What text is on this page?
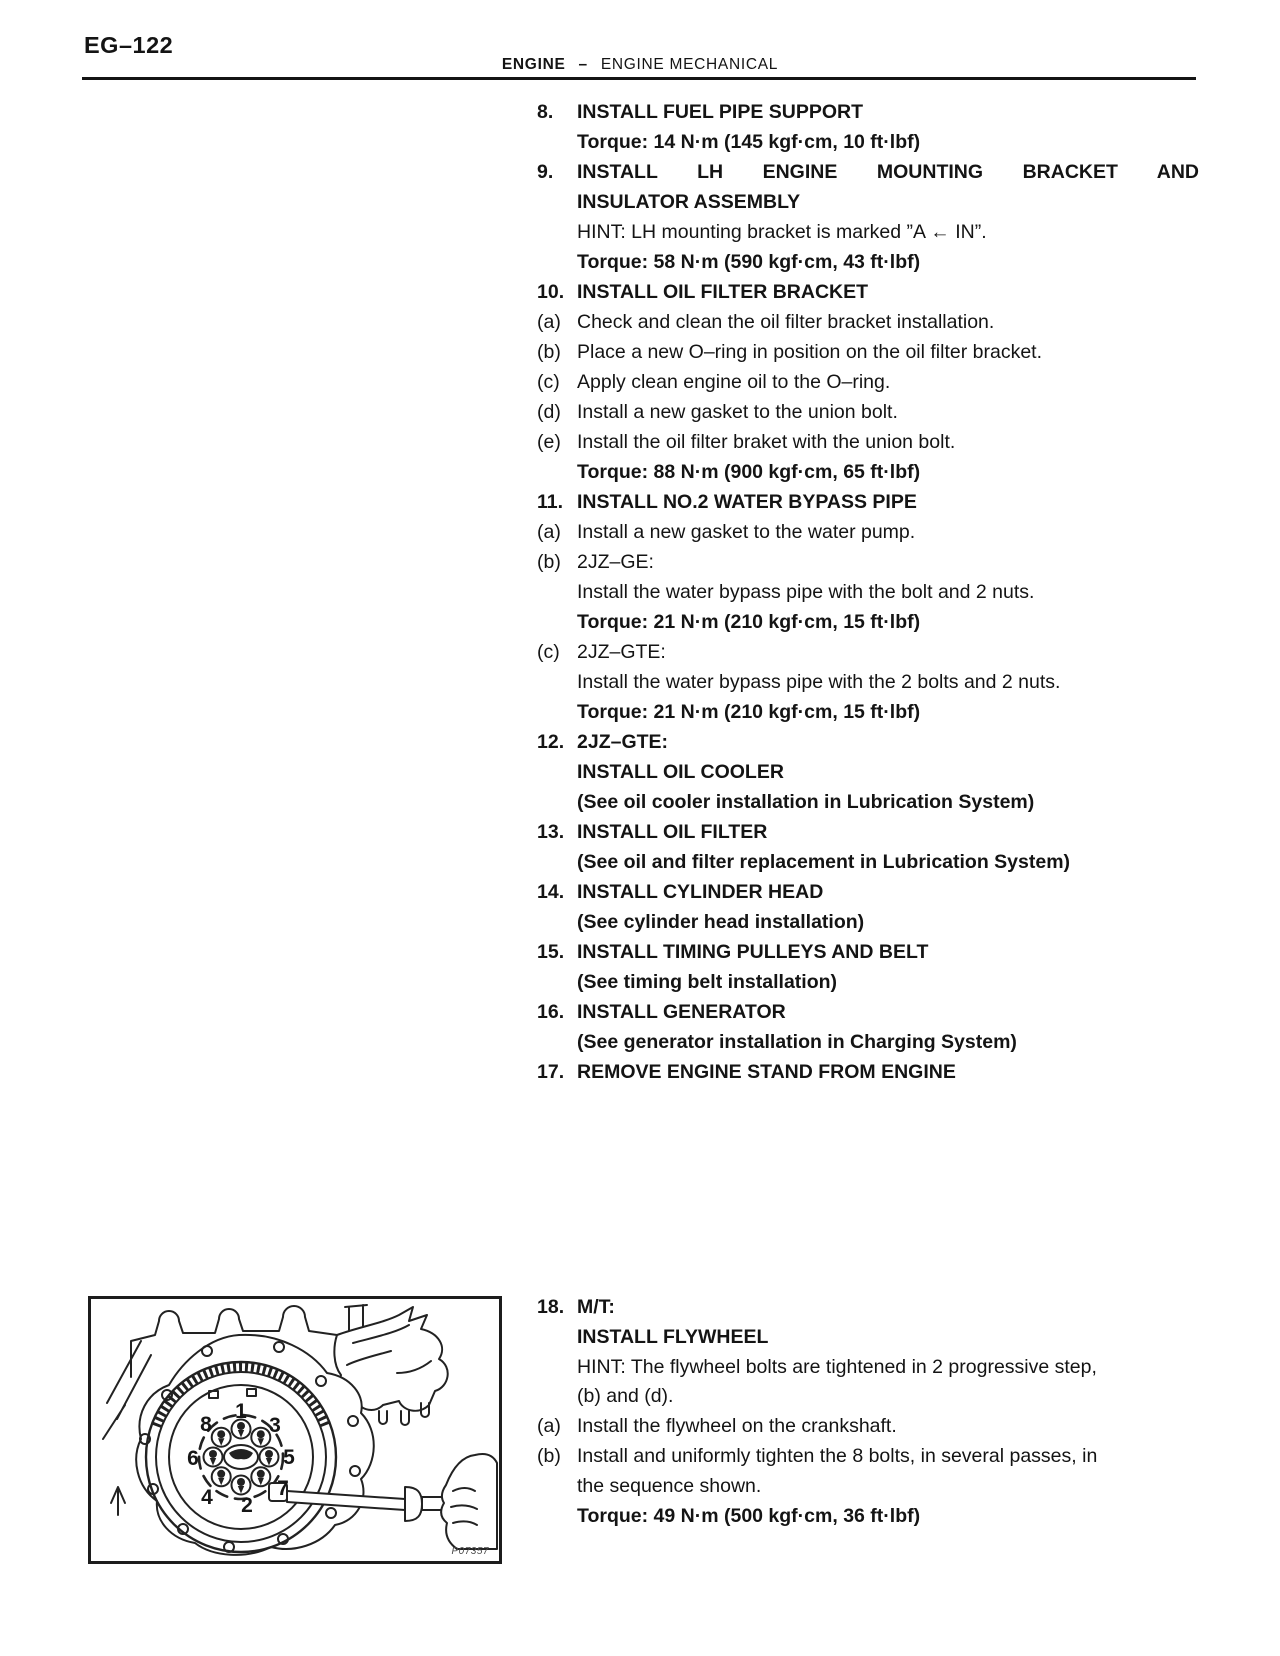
EG–122
ENGINE – ENGINE MECHANICAL
8.	INSTALL FUEL PIPE SUPPORT
Torque: 14 N·m (145 kgf·cm, 10 ft·lbf)
9.	INSTALL LH ENGINE MOUNTING BRACKET AND
INSULATOR ASSEMBLY
HINT: LH mounting bracket is marked ”A ← IN”.
Torque: 58 N·m (590 kgf·cm, 43 ft·lbf)
10. INSTALL OIL FILTER BRACKET
(a) Check and clean the oil filter bracket installation.
(b) Place a new O–ring in position on the oil filter bracket.
(c) Apply clean engine oil to the O–ring.
(d) Install a new gasket to the union bolt.
(e) Install the oil filter braket with the union bolt.
Torque: 88 N·m (900 kgf·cm, 65 ft·lbf)
11. INSTALL NO.2 WATER BYPASS PIPE
(a) Install a new gasket to the water pump.
(b) 2JZ–GE:
Install the water bypass pipe with the bolt and 2 nuts.
Torque: 21 N·m (210 kgf·cm, 15 ft·lbf)
(c) 2JZ–GTE:
Install the water bypass pipe with the 2 bolts and 2 nuts.
Torque: 21 N·m (210 kgf·cm, 15 ft·lbf)
12. 2JZ–GTE:
INSTALL OIL COOLER
(See oil cooler installation in Lubrication System)
13. INSTALL OIL FILTER
(See oil and filter replacement in Lubrication System)
14. INSTALL CYLINDER HEAD
(See cylinder head installation)
15. INSTALL TIMING PULLEYS AND BELT
(See timing belt installation)
16. INSTALL GENERATOR
(See generator installation in Charging System)
17. REMOVE ENGINE STAND FROM ENGINE
18. M/T:
INSTALL FLYWHEEL
HINT: The flywheel bolts are tightened in 2 progressive step,
(b) and (d).
(a) Install the flywheel on the crankshaft.
(b) Install and uniformly tighten the 8 bolts, in several passes, in
the sequence shown.
Torque: 49 N·m (500 kgf·cm, 36 ft·lbf)
1
3
5
7
2
4
6
8
P07357
